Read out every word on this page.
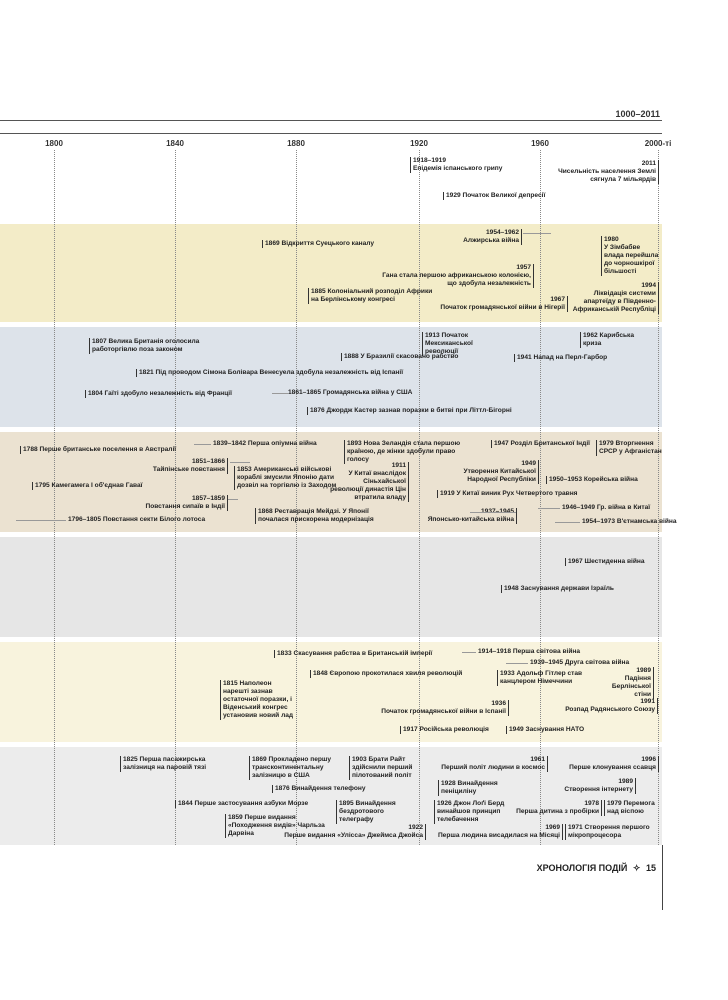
1000–2011
1800	1840	1880	1920	1960	2000-ті
1918–1919
Епідемія іспанського грипу
1929 Початок Великої депресії
2011
Чисельність населення Землі сягнула 7 мільярдів
1869 Відкриття Суецького каналу
1954–1962
Алжирська війна	1980
У Зімбабве влада перейшла до чорношкірої більшості
1957
Гана стала першою африканською колонією, що здобула незалежність
1885 Колоніальний розподіл Африки на Берлінському конгресі
1994
Ліквідація системи апартеїду в Південно-Африканській Республіці
1967
Початок громадянської війни в Нігерії
1807 Велика Британія оголосила работоргівлю поза законом
1913 Початок Мексиканської революції
1962 Карибська криза
1888 У Бразилії скасовано рабство	1941 Напад на Перл-Гарбор
1821 Під проводом Сімона Болівара Венесуела здобула незалежність від Іспанії
1804 Гаїті здобуло незалежність від Франції	1861–1865 Громадянська війна у США
1876 Джордж Кастер зазнав поразки в битві при Літтл-Бігорні
1839–1842 Перша опіумна війна	1893 Нова Зеландія стала першою країною, де жінки здобули право голосу
1947 Розділ Британської Індії	1979 Вторгнення СРСР у Афганістан
1788 Перше британське поселення в Австралії
1851–1866
Тайпінське повстання	1853 Американські військові кораблі змусили Японію дати дозвіл на торгівлю із Заходом
1911
У Китаї внаслідок Сіньхайської революції династія Цін втратила владу
1949
Утворення Китайської Народної Республіки
1795 Камегамега І об'єднав Гаваї
1950–1953 Корейська війна
1857–1859
Повстання сипаїв в Індії
1919 У Китаї виник Рух Четвертого травня
1946–1949 Гр. війна в Китаї
1868 Реставрація Мейдзі. У Японії почалася прискорена модернізація
1937–1945
Японсько-китайська війна
1796–1805 Повстання секти Білого лотоса	1954–1973 В'єтнамська війна
1967 Шестиденна війна
1948 Заснування держави Ізраїль
1833 Скасування рабства в Британській імперії	1914–1918 Перша світова війна
1939–1945 Друга світова війна
1815 Наполеон нарешті зазнав остаточної поразки, і Віденський конгрес установив новий лад
1848 Європою прокотилася хвиля революцій	1933 Адольф Гітлер став канцлером Німеччини
1989
Падіння Берлінської стіни
1936
Початок громадянської війни в Іспанії
1991
Розпад Радянського Союзу
1917 Російська революція	1949 Заснування НАТО
1825 Перша пасажирська залізниця на паровій тязі
1869 Прокладено першу трансконтинентальну залізницю в США
1903 Брати Райт здійснили перший пілотований політ
1961
Перший політ людини в космос
1996
Перше клонування ссавця
1876 Винайдення телефону
1928 Винайдення пеніциліну
1989
Створення інтернету
1844 Перше застосування азбуки Морзе	1895 Винайдення бездротового телеграфу
1926 Джон Лоґі Берд винайшов принцип телебачення
1978
Перша дитина з пробірки
1979 Перемога над віспою
1859 Перше видання «Походження видів» Чарльза Дарвіна
1922
Перше видання «Улісса» Джеймса Джойса
1969
Перша людина висадилася на Місяці
1971 Створення першого мікропроцесора
ХРОНОЛОГІЯ ПОДІЙ ✧ 15
